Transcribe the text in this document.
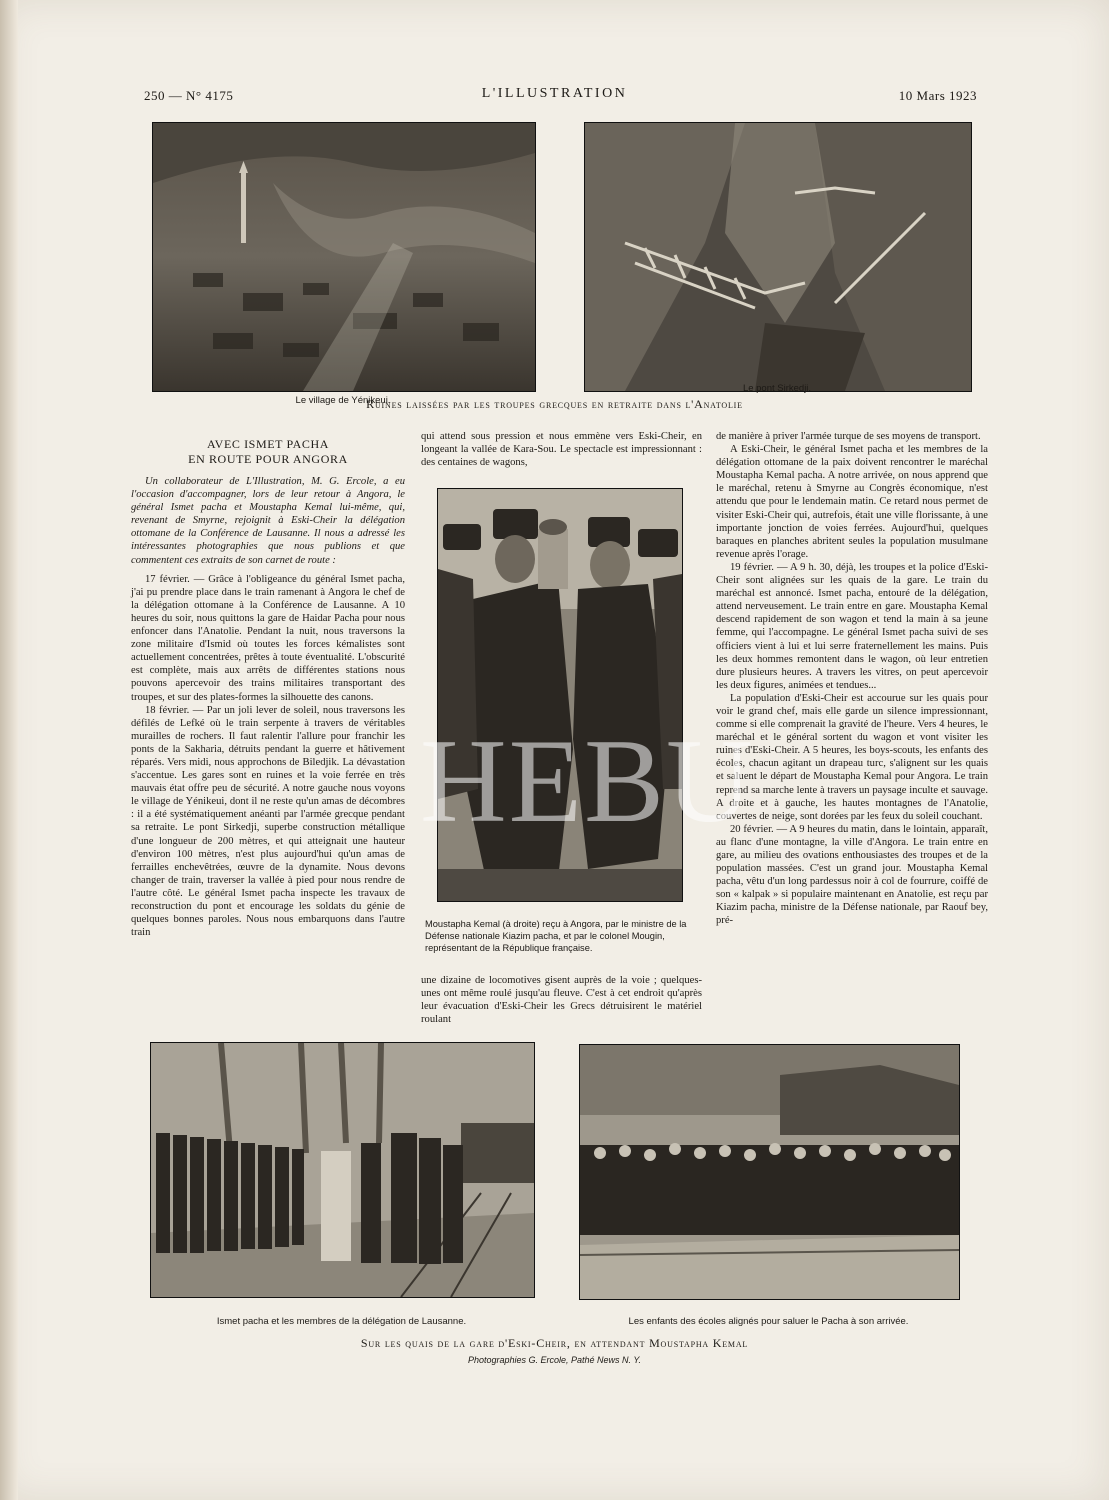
250 — N° 4175	L'ILLUSTRATION	10 Mars 1923
Le village de Yénikeui.
Le pont Sirkedji.
Ruines laissées par les troupes grecques en retraite dans l'Anatolie
AVEC ISMET PACHA
EN ROUTE POUR ANGORA

Un collaborateur de L'Illustration, M. G. Ercole, a eu l'occasion d'accompagner, lors de leur retour à Angora, le général Ismet pacha et Moustapha Kemal lui-même, qui, revenant de Smyrne, rejoignit à Eski-Cheir la délégation ottomane de la Conférence de Lausanne. Il nous a adressé les intéressantes photographies que nous publions et que commentent ces extraits de son carnet de route :

17 février. — Grâce à l'obligeance du général Ismet pacha, j'ai pu prendre place dans le train ramenant à Angora le chef de la délégation ottomane à la Conférence de Lausanne. A 10 heures du soir, nous quittons la gare de Haidar Pacha pour nous enfoncer dans l'Anatolie. Pendant la nuit, nous traversons la zone militaire d'Ismid où toutes les forces kémalistes sont actuellement concentrées, prêtes à toute éventualité. L'obscurité est complète, mais aux arrêts de différentes stations nous pouvons apercevoir des trains militaires transportant des troupes, et sur des plates-formes la silhouette des canons.

18 février. — Par un joli lever de soleil, nous traversons les défilés de Lefké où le train serpente à travers de véritables murailles de rochers. Il faut ralentir l'allure pour franchir les ponts de la Sakharia, détruits pendant la guerre et hâtivement réparés. Vers midi, nous approchons de Biledjik. La dévastation s'accentue. Les gares sont en ruines et la voie ferrée en très mauvais état offre peu de sécurité. A notre gauche nous voyons le village de Yénikeui, dont il ne reste qu'un amas de décombres : il a été systématiquement anéanti par l'armée grecque pendant sa retraite. Le pont Sirkedji, superbe construction métallique d'une longueur de 200 mètres, et qui atteignait une hauteur d'environ 100 mètres, n'est plus aujourd'hui qu'un amas de ferrailles enchevêtrées, œuvre de la dynamite. Nous devons changer de train, traverser la vallée à pied pour nous rendre de l'autre côté. Le général Ismet pacha inspecte les travaux de reconstruction du pont et encourage les soldats du génie de quelques bonnes paroles. Nous nous embarquons dans l'autre train

qui attend sous pression et nous emmène vers Eski-Cheir, en longeant la vallée de Kara-Sou. Le spectacle est impressionnant : des centaines de wagons,

Moustapha Kemal (à droite) reçu à Angora, par le ministre de la Défense nationale Kiazim pacha, et par le colonel Mougin, représentant de la République française.

une dizaine de locomotives gisent auprès de la voie ; quelques-unes ont même roulé jusqu'au fleuve. C'est à cet endroit qu'après leur évacuation d'Eski-Cheir les Grecs détruisirent le matériel roulant

de manière à priver l'armée turque de ses moyens de transport.

A Eski-Cheir, le général Ismet pacha et les membres de la délégation ottomane de la paix doivent rencontrer le maréchal Moustapha Kemal pacha. A notre arrivée, on nous apprend que le maréchal, retenu à Smyrne au Congrès économique, n'est attendu que pour le lendemain matin. Ce retard nous permet de visiter Eski-Cheir qui, autrefois, était une ville florissante, à une importante jonction de voies ferrées. Aujourd'hui, quelques baraques en planches abritent seules la population musulmane revenue après l'orage.

19 février. — A 9 h. 30, déjà, les troupes et la police d'Eski-Cheir sont alignées sur les quais de la gare. Le train du maréchal est annoncé. Ismet pacha, entouré de la délégation, attend nerveusement. Le train entre en gare. Moustapha Kemal descend rapidement de son wagon et tend la main à sa jeune femme, qui l'accompagne. Le général Ismet pacha suivi de ses officiers vient à lui et lui serre fraternellement les mains. Puis les deux hommes remontent dans le wagon, où leur entretien dure plusieurs heures. A travers les vitres, on peut apercevoir les deux figures, animées et tendues...

La population d'Eski-Cheir est accourue sur les quais pour voir le grand chef, mais elle garde un silence impressionnant, comme si elle comprenait la gravité de l'heure. Vers 4 heures, le maréchal et le général sortent du wagon et vont visiter les ruines d'Eski-Cheir. A 5 heures, les boys-scouts, les enfants des écoles, chacun agitant un drapeau turc, s'alignent sur les quais et saluent le départ de Moustapha Kemal pour Angora. Le train reprend sa marche lente à travers un paysage inculte et sauvage. A droite et à gauche, les hautes montagnes de l'Anatolie, couvertes de neige, sont dorées par les feux du soleil couchant.

20 février. — A 9 heures du matin, dans le lointain, apparaît, au flanc d'une montagne, la ville d'Angora. Le train entre en gare, au milieu des ovations enthousiastes des troupes et de la population massées. C'est un grand jour. Moustapha Kemal pacha, vêtu d'un long pardessus noir à col de fourrure, coiffé de son « kalpak » si populaire maintenant en Anatolie, est reçu par Kiazim pacha, ministre de la Défense nationale, par Raouf bey, pré-

Ismet pacha et les membres de la délégation de Lausanne.	Les enfants des écoles alignés pour saluer le Pacha à son arrivée.
Sur les quais de la gare d'Eski-Cheir, en attendant Moustapha Kemal
Photographies G. Ercole, Pathé News N. Y.
HEBU
